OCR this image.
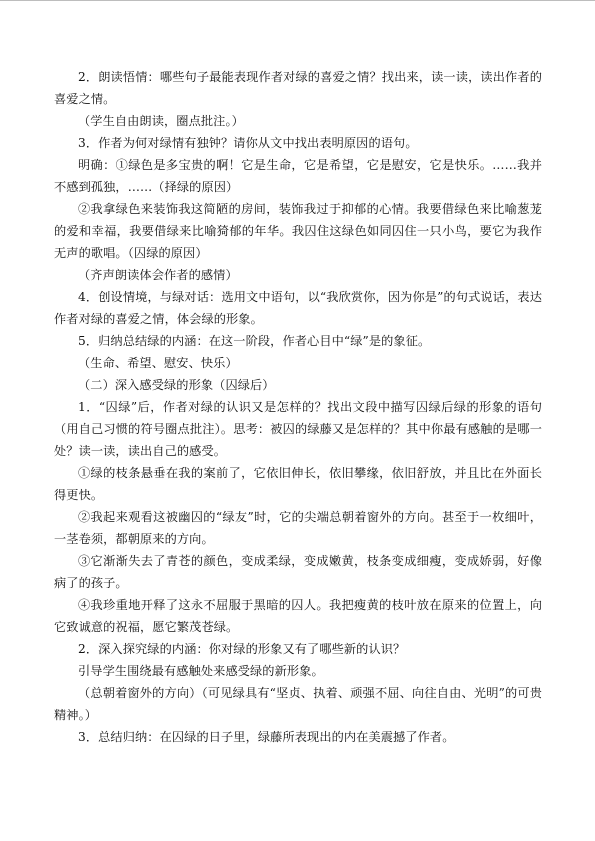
2．朗读悟情：哪些句子最能表现作者对绿的喜爱之情？找出来，读一读，读出作者的喜爱之情。

（学生自由朗读，圈点批注。）

3．作者为何对绿情有独钟？请你从文中找出表明原因的语句。

明确：①绿色是多宝贵的啊！它是生命，它是希望，它是慰安，它是快乐。……我并不感到孤独，……（择绿的原因）

②我拿绿色来装饰我这简陋的房间，装饰我过于抑郁的心情。我要借绿色来比喻葱茏的爱和幸福，我要借绿来比喻猗郁的年华。我囚住这绿色如同囚住一只小鸟，要它为我作无声的歌唱。（囚绿的原因）

（齐声朗读体会作者的感情）

4．创设情境，与绿对话：选用文中语句，以“我欣赏你，因为你是”的句式说话，表达作者对绿的喜爱之情，体会绿的形象。

5．归纳总结绿的内涵：在这一阶段，作者心目中“绿”是的象征。

（生命、希望、慰安、快乐）

（二）深入感受绿的形象（囚绿后）

1．“囚绿”后，作者对绿的认识又是怎样的？找出文段中描写囚绿后绿的形象的语句（用自己习惯的符号圈点批注）。思考：被囚的绿藤又是怎样的？其中你最有感触的是哪一处？读一读，读出自己的感受。

①绿的枝条悬垂在我的案前了，它依旧伸长，依旧攀缘，依旧舒放，并且比在外面长得更快。

②我起来观看这被幽囚的“绿友”时，它的尖端总朝着窗外的方向。甚至于一枚细叶，一茎卷须，都朝原来的方向。

③它渐渐失去了青苍的颜色，变成柔绿，变成嫩黄，枝条变成细瘦，变成娇弱，好像病了的孩子。

④我珍重地开释了这永不屈服于黑暗的囚人。我把瘦黄的枝叶放在原来的位置上，向它致诚意的祝福，愿它繁茂苍绿。

2．深入探究绿的内涵：你对绿的形象又有了哪些新的认识？

引导学生围绕最有感触处来感受绿的新形象。

（总朝着窗外的方向）（可见绿具有“坚贞、执着、顽强不屈、向往自由、光明”的可贵精神。）

3．总结归纳：在囚绿的日子里，绿藤所表现出的内在美震撼了作者。
